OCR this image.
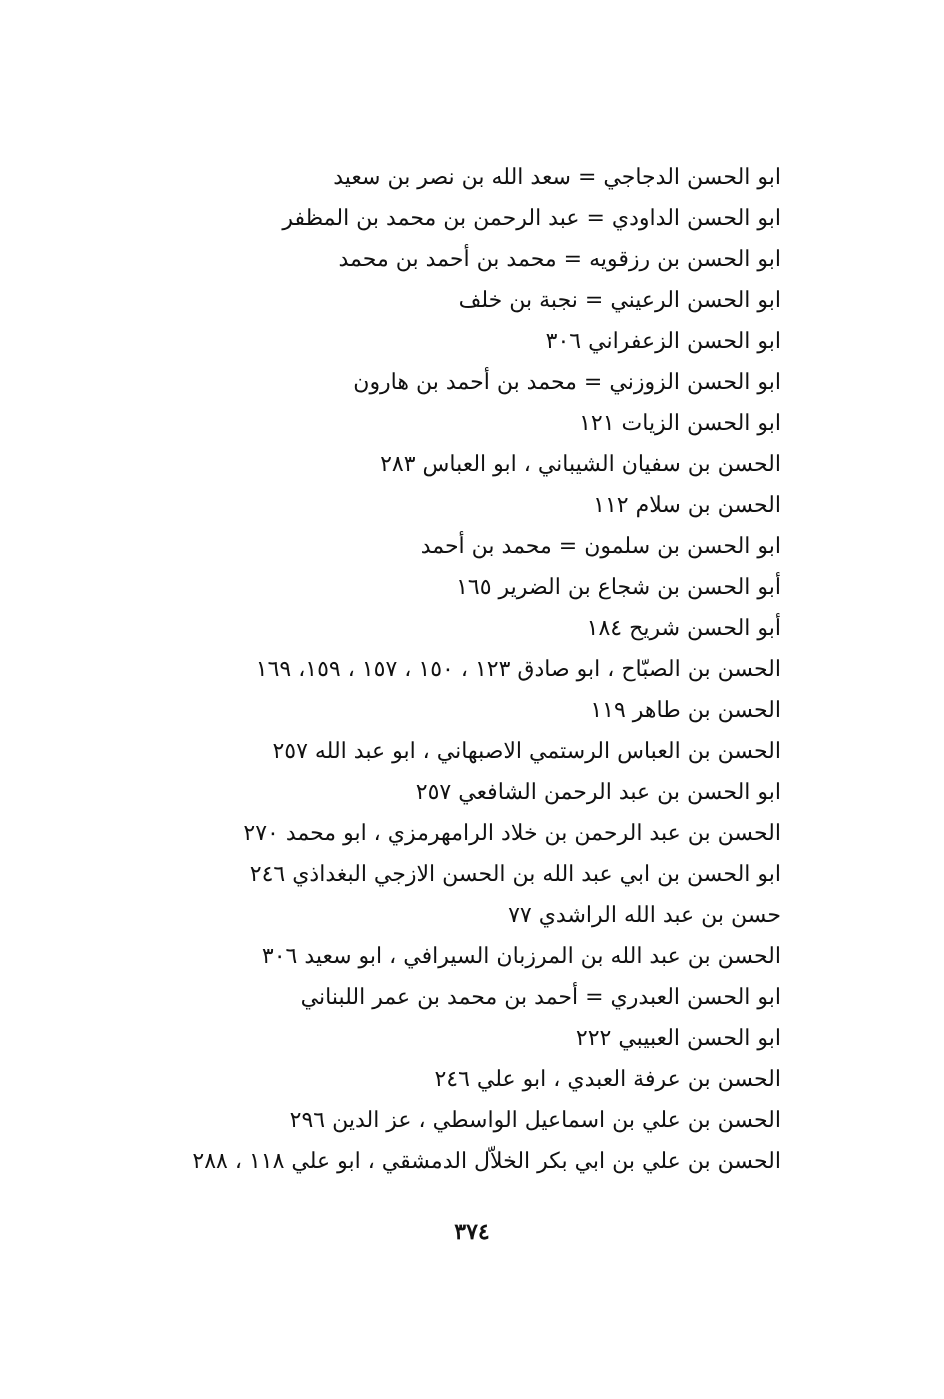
ابو الحسن الدجاجي = سعد الله بن نصر بن سعيد
ابو الحسن الداودي = عبد الرحمن بن محمد بن المظفر
ابو الحسن بن رزقويه = محمد بن أحمد بن محمد
ابو الحسن الرعيني = نجبة بن خلف
ابو الحسن الزعفراني ٣٠٦
ابو الحسن الزوزني = محمد بن أحمد بن هارون
ابو الحسن الزيات ١٢١
الحسن بن سفيان الشيباني ، ابو العباس ٢٨٣
الحسن بن سلام ١١٢
ابو الحسن بن سلمون = محمد بن أحمد
أبو الحسن بن شجاع بن الضرير ١٦٥
أبو الحسن شريح ١٨٤
الحسن بن الصبّاح ، ابو صادق ١٢٣ ، ١٥٠ ، ١٥٧ ، ١٥٩، ١٦٩
الحسن بن طاهر ١١٩
الحسن بن العباس الرستمي الاصبهاني ، ابو عبد الله ٢٥٧
ابو الحسن بن عبد الرحمن الشافعي ٢٥٧
الحسن بن عبد الرحمن بن خلاد الرامهرمزي ، ابو محمد ٢٧٠
ابو الحسن بن ابي عبد الله بن الحسن الازجي البغداذي ٢٤٦
حسن بن عبد الله الراشدي ٧٧
الحسن بن عبد الله بن المرزبان السيرافي ، ابو سعيد ٣٠٦
ابو الحسن العبدري = أحمد بن محمد بن عمر اللبناني
ابو الحسن العبيبي ٢٢٢
الحسن بن عرفة العبدي ، ابو علي ٢٤٦
الحسن بن علي بن اسماعيل الواسطي ، عز الدين ٢٩٦
الحسن بن علي بن ابي بكر الخلاّل الدمشقي ، ابو علي ١١٨ ، ٢٨٨
٣٧٤
